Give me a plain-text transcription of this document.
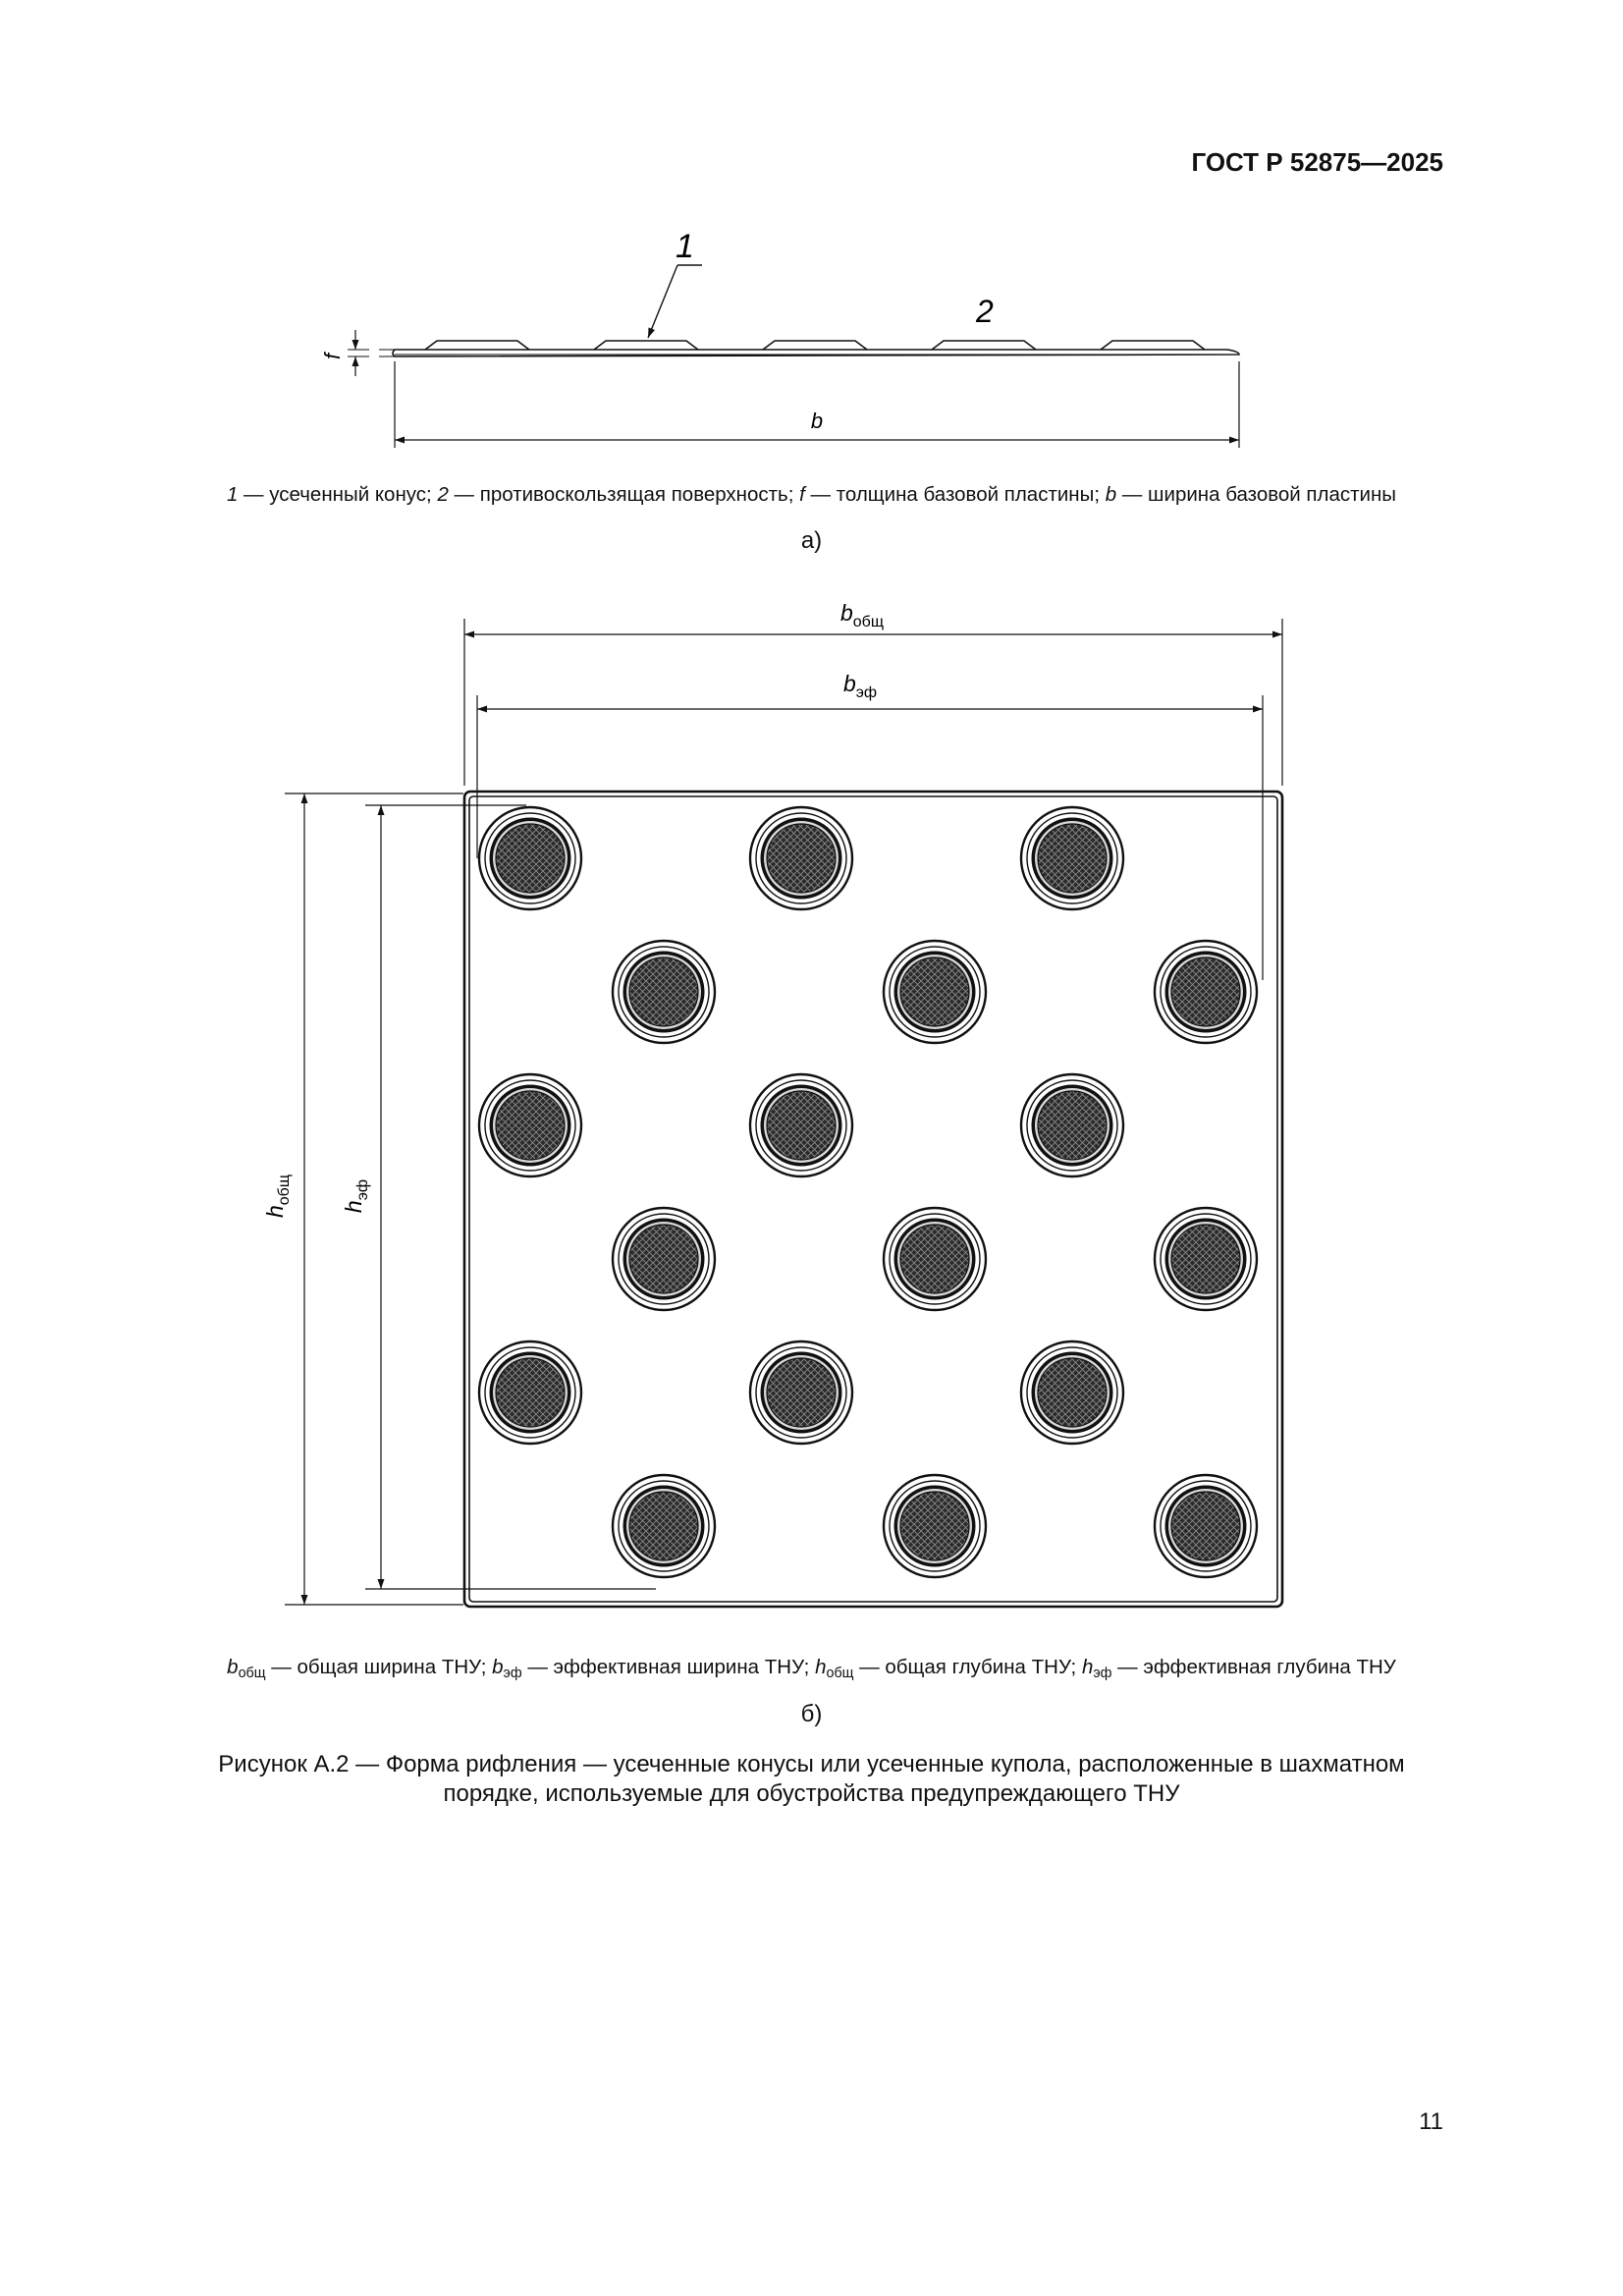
ГОСТ Р 52875—2025
1
2
f
b
1 — усеченный конус; 2 — противоскользящая поверхность; f — толщина базовой пластины; b — ширина базовой пластины
а)
$b_{общ}$
$b_{эф}$
$h_{общ}$
$h_{эф}$
$b_{общ}$ — общая ширина ТНУ; $b_{эф}$ — эффективная ширина ТНУ; $h_{общ}$ — общая глубина ТНУ; $h_{эф}$ — эффективная глубина ТНУ
б)
Рисунок А.2 — Форма рифления — усеченные конусы или усеченные купола, расположенные в шахматном
порядке, используемые для обустройства предупреждающего ТНУ
11
